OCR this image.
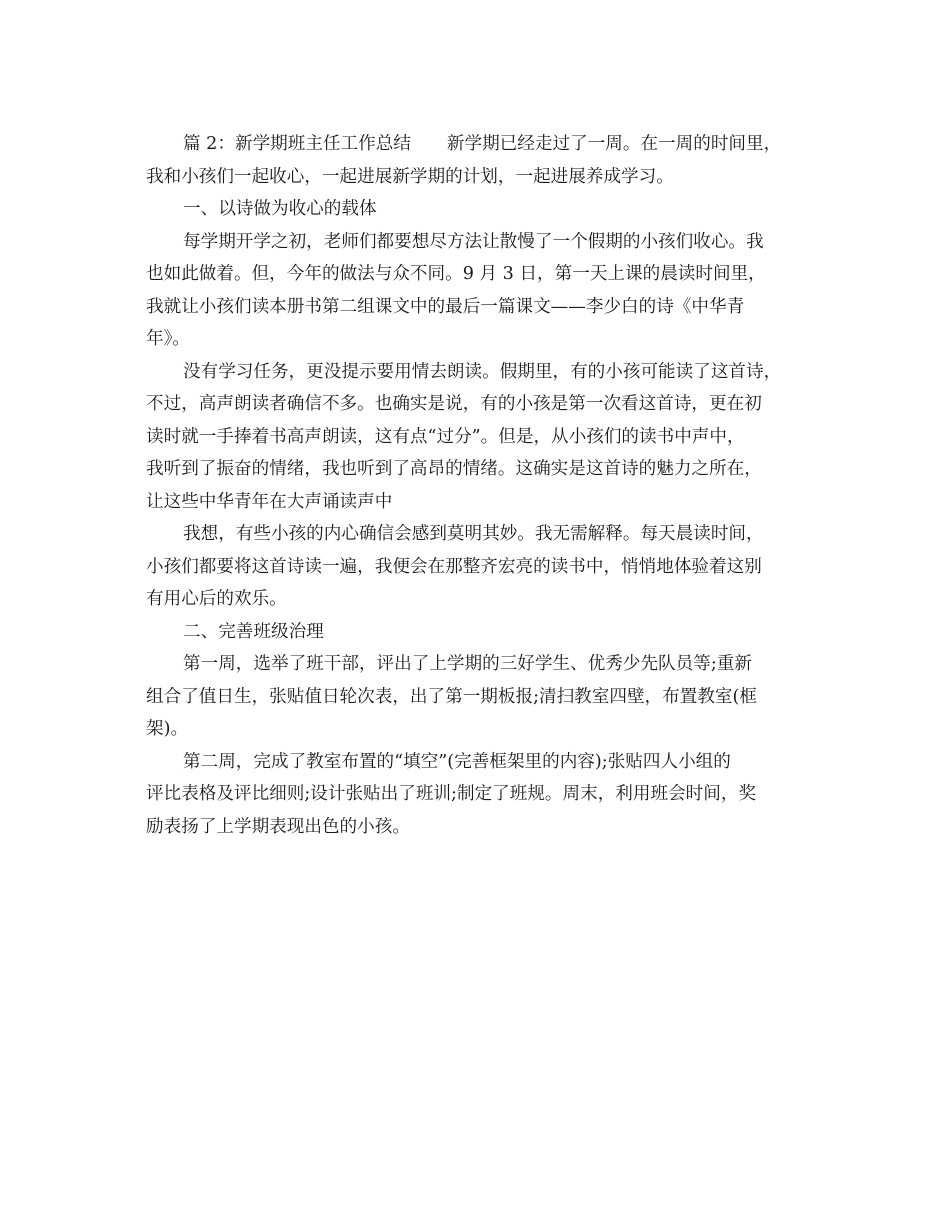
篇 2：新学期班主任工作总结 新学期已经走过了一周。在一周的时间里，
我和小孩们一起收心，一起进展新学期的计划，一起进展养成学习。
一、以诗做为收心的载体
每学期开学之初，老师们都要想尽方法让散慢了一个假期的小孩们收心。我
也如此做着。但，今年的做法与众不同。9 月 3 日，第一天上课的晨读时间里，
我就让小孩们读本册书第二组课文中的最后一篇课文——李少白的诗《中华青
年》。
没有学习任务，更没提示要用情去朗读。假期里，有的小孩可能读了这首诗，
不过，高声朗读者确信不多。也确实是说，有的小孩是第一次看这首诗，更在初
读时就一手捧着书高声朗读，这有点“过分”。但是，从小孩们的读书中声中，
我听到了振奋的情绪，我也听到了高昂的情绪。这确实是这首诗的魅力之所在，
让这些中华青年在大声诵读声中
我想，有些小孩的内心确信会感到莫明其妙。我无需解释。每天晨读时间，
小孩们都要将这首诗读一遍，我便会在那整齐宏亮的读书中，悄悄地体验着这别
有用心后的欢乐。
二、完善班级治理
第一周，选举了班干部，评出了上学期的三好学生、优秀少先队员等;重新
组合了值日生，张贴值日轮次表，出了第一期板报;清扫教室四壁，布置教室(框
架)。
第二周，完成了教室布置的“填空”(完善框架里的内容);张贴四人小组的
评比表格及评比细则;设计张贴出了班训;制定了班规。周末，利用班会时间，奖
励表扬了上学期表现出色的小孩。
